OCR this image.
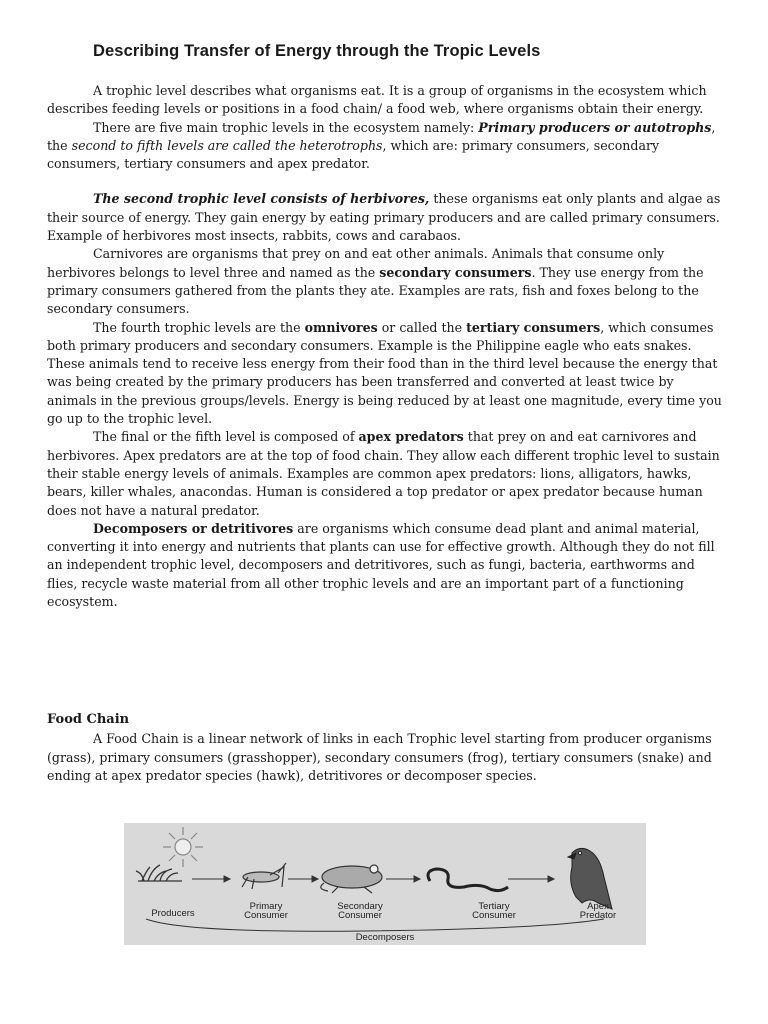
Describing Transfer of Energy through the Tropic Levels

A trophic level describes what organisms eat. It is a group of organisms in the ecosystem which describes feeding levels or positions in a food chain/ a food web, where organisms obtain their energy.

There are five main trophic levels in the ecosystem namely: Primary producers or autotrophs, the second to fifth levels are called the heterotrophs, which are: primary consumers, secondary consumers, tertiary consumers and apex predator.

The second trophic level consists of herbivores, these organisms eat only plants and algae as their source of energy. They gain energy by eating primary producers and are called primary consumers. Example of herbivores most insects, rabbits, cows and carabaos.

Carnivores are organisms that prey on and eat other animals. Animals that consume only herbivores belongs to level three and named as the secondary consumers. They use energy from the primary consumers gathered from the plants they ate. Examples are rats, fish and foxes belong to the secondary consumers.

The fourth trophic levels are the omnivores or called the tertiary consumers, which consumes both primary producers and secondary consumers. Example is the Philippine eagle who eats snakes. These animals tend to receive less energy from their food than in the third level because the energy that was being created by the primary producers has been transferred and converted at least twice by animals in the previous groups/levels. Energy is being reduced by at least one magnitude, every time you go up to the trophic level.

The final or the fifth level is composed of apex predators that prey on and eat carnivores and herbivores. Apex predators are at the top of food chain. They allow each different trophic level to sustain their stable energy levels of animals. Examples are common apex predators: lions, alligators, hawks, bears, killer whales, anacondas. Human is considered a top predator or apex predator because human does not have a natural predator.

Decomposers or detritivores are organisms which consume dead plant and animal material, converting it into energy and nutrients that plants can use for effective growth. Although they do not fill an independent trophic level, decomposers and detritivores, such as fungi, bacteria, earthworms and flies, recycle waste material from all other trophic levels and are an important part of a functioning ecosystem.

Food Chain

A Food Chain is a linear network of links in each Trophic level starting from producer organisms (grass), primary consumers (grasshopper), secondary consumers (frog), tertiary consumers (snake) and ending at apex predator species (hawk), detritivores or decomposer species.

Producers
Primary
Consumer
Secondary
Consumer
Tertiary
Consumer
Apex
Predator
Decomposers
